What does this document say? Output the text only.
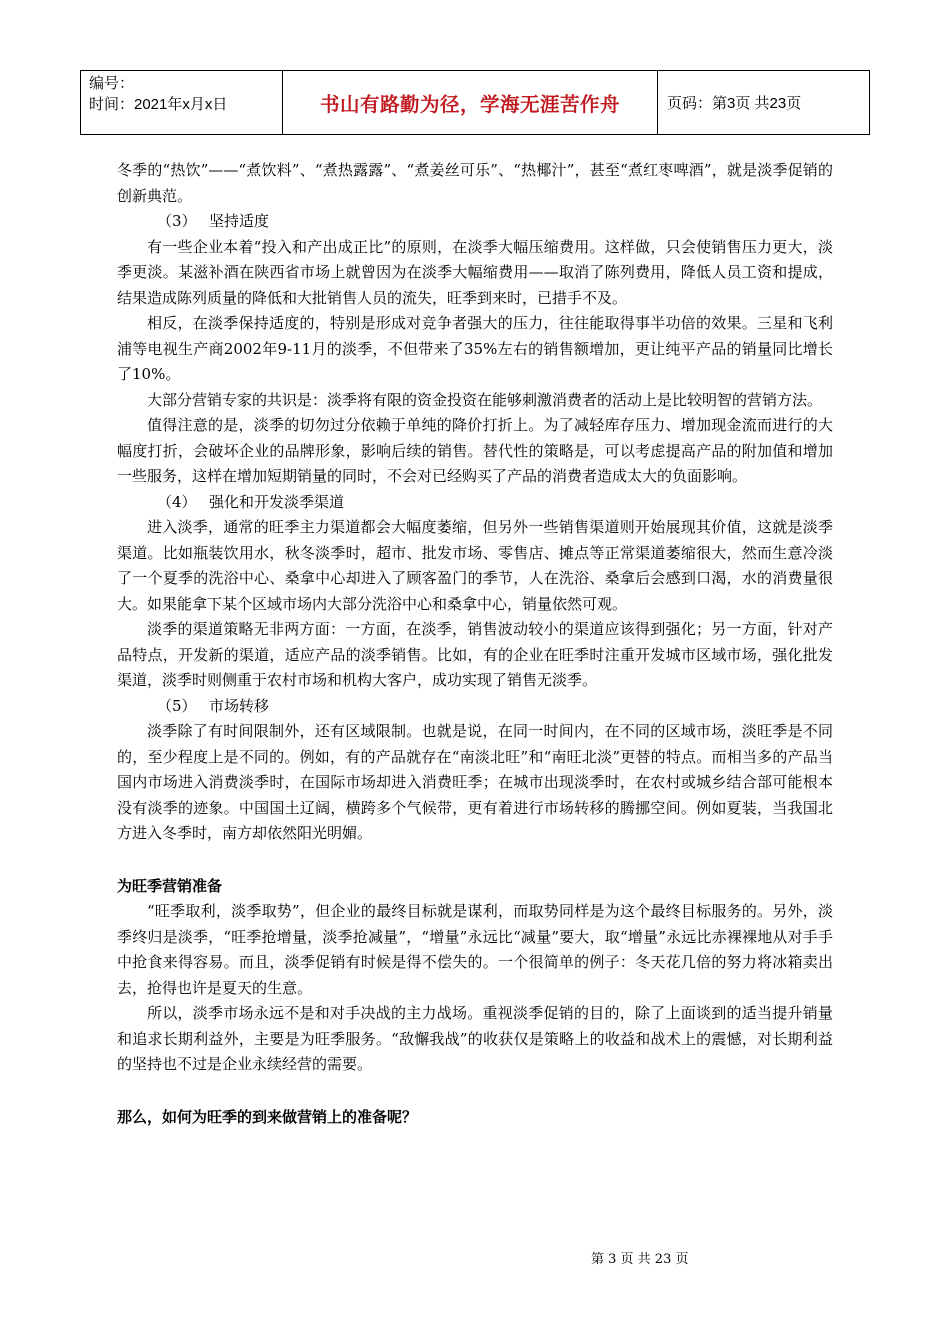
编号：
时间：2021年x月x日	书山有路勤为径，学海无涯苦作舟	页码：第3页 共23页

冬季的“热饮”——“煮饮料”、“煮热露露”、“煮姜丝可乐”、“热椰汁”，甚至“煮红枣啤酒”，就是淡季促销的创新典范。

（3） 坚持适度

有一些企业本着“投入和产出成正比”的原则，在淡季大幅压缩费用。这样做，只会使销售压力更大，淡季更淡。某滋补酒在陕西省市场上就曾因为在淡季大幅缩费用——取消了陈列费用，降低人员工资和提成，结果造成陈列质量的降低和大批销售人员的流失，旺季到来时，已措手不及。

相反，在淡季保持适度的，特别是形成对竞争者强大的压力，往往能取得事半功倍的效果。三星和飞利浦等电视生产商2002年9-11月的淡季，不但带来了35%左右的销售额增加，更让纯平产品的销量同比增长了10%。

大部分营销专家的共识是：淡季将有限的资金投资在能够刺激消费者的活动上是比较明智的营销方法。

值得注意的是，淡季的切勿过分依赖于单纯的降价打折上。为了减轻库存压力、增加现金流而进行的大幅度打折，会破坏企业的品牌形象，影响后续的销售。替代性的策略是，可以考虑提高产品的附加值和增加一些服务，这样在增加短期销量的同时，不会对已经购买了产品的消费者造成太大的负面影响。

（4） 强化和开发淡季渠道

进入淡季，通常的旺季主力渠道都会大幅度萎缩，但另外一些销售渠道则开始展现其价值，这就是淡季渠道。比如瓶装饮用水，秋冬淡季时，超市、批发市场、零售店、摊点等正常渠道萎缩很大，然而生意冷淡了一个夏季的洗浴中心、桑拿中心却进入了顾客盈门的季节，人在洗浴、桑拿后会感到口渴，水的消费量很大。如果能拿下某个区域市场内大部分洗浴中心和桑拿中心，销量依然可观。

淡季的渠道策略无非两方面：一方面，在淡季，销售波动较小的渠道应该得到强化；另一方面，针对产品特点，开发新的渠道，适应产品的淡季销售。比如，有的企业在旺季时注重开发城市区域市场，强化批发渠道，淡季时则侧重于农村市场和机构大客户，成功实现了销售无淡季。

（5） 市场转移

淡季除了有时间限制外，还有区域限制。也就是说，在同一时间内，在不同的区域市场，淡旺季是不同的，至少程度上是不同的。例如，有的产品就存在“南淡北旺”和“南旺北淡”更替的特点。而相当多的产品当国内市场进入消费淡季时，在国际市场却进入消费旺季；在城市出现淡季时，在农村或城乡结合部可能根本没有淡季的迹象。中国国土辽阔，横跨多个气候带，更有着进行市场转移的腾挪空间。例如夏装，当我国北方进入冬季时，南方却依然阳光明媚。

为旺季营销准备

“旺季取利，淡季取势”，但企业的最终目标就是谋利，而取势同样是为这个最终目标服务的。另外，淡季终归是淡季，“旺季抢增量，淡季抢减量”，“增量”永远比“减量”要大，取“增量”永远比赤裸裸地从对手手中抢食来得容易。而且，淡季促销有时候是得不偿失的。一个很简单的例子：冬天花几倍的努力将冰箱卖出去，抢得也许是夏天的生意。

所以，淡季市场永远不是和对手决战的主力战场。重视淡季促销的目的，除了上面谈到的适当提升销量和追求长期利益外，主要是为旺季服务。“敌懈我战”的收获仅是策略上的收益和战术上的震憾，对长期利益的坚持也不过是企业永续经营的需要。

那么，如何为旺季的到来做营销上的准备呢？

第 3 页 共 23 页
